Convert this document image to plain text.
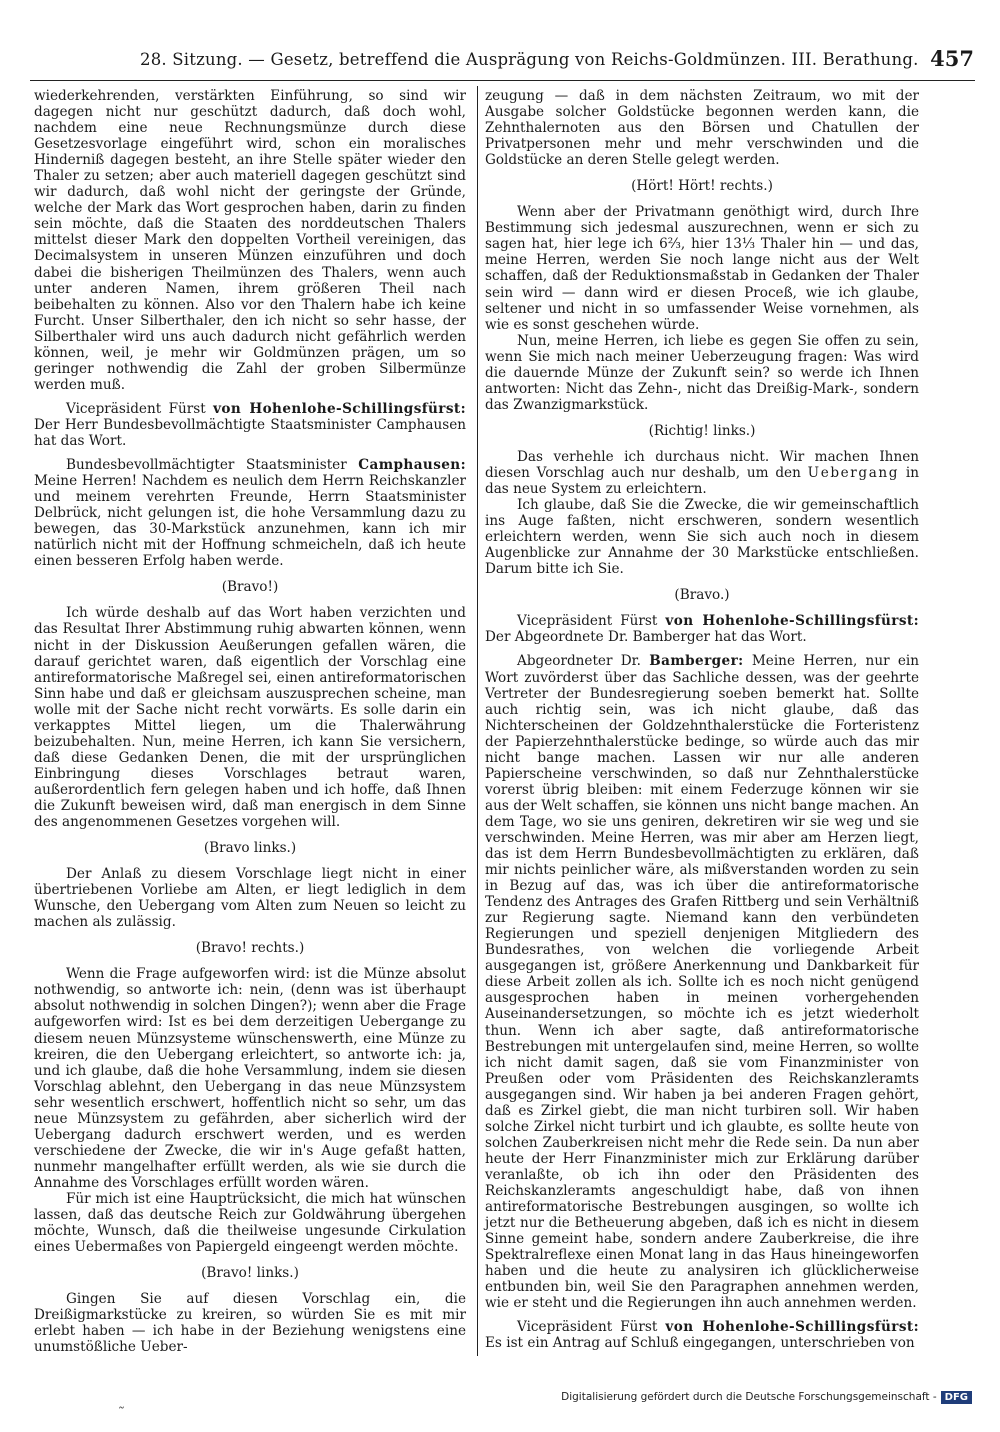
28. Sitzung. — Gesetz, betreffend die Ausprägung von Reichs-Goldmünzen. III. Berathung. 457

wiederkehrenden, verstärkten Einführung, so sind wir dagegen nicht nur geschützt dadurch, daß doch wohl, nachdem eine neue Rechnungsmünze durch diese Gesetzesvorlage eingeführt wird, schon ein moralisches Hinderniß dagegen besteht, an ihre Stelle später wieder den Thaler zu setzen; aber auch materiell dagegen geschützt sind wir dadurch, daß wohl nicht der geringste der Gründe, welche der Mark das Wort gesprochen haben, darin zu finden sein möchte, daß die Staaten des norddeutschen Thalers mittelst dieser Mark den doppelten Vortheil vereinigen, das Decimalsystem in unseren Münzen einzuführen und doch dabei die bisherigen Theilmünzen des Thalers, wenn auch unter anderen Namen, ihrem größeren Theil nach beibehalten zu können. Also vor den Thalern habe ich keine Furcht. Unser Silberthaler, den ich nicht so sehr hasse, der Silberthaler wird uns auch dadurch nicht gefährlich werden können, weil, je mehr wir Goldmünzen prägen, um so geringer nothwendig die Zahl der groben Silbermünze werden muß.

Vicepräsident Fürst von Hohenlohe-Schillingsfürst: Der Herr Bundesbevollmächtigte Staatsminister Camphausen hat das Wort.

Bundesbevollmächtigter Staatsminister Camphausen: Meine Herren! Nachdem es neulich dem Herrn Reichskanzler und meinem verehrten Freunde, Herrn Staatsminister Delbrück, nicht gelungen ist, die hohe Versammlung dazu zu bewegen, das 30-Markstück anzunehmen, kann ich mir natürlich nicht mit der Hoffnung schmeicheln, daß ich heute einen besseren Erfolg haben werde.

(Bravo!)

Ich würde deshalb auf das Wort haben verzichten und das Resultat Ihrer Abstimmung ruhig abwarten können, wenn nicht in der Diskussion Aeußerungen gefallen wären, die darauf gerichtet waren, daß eigentlich der Vorschlag eine antireformatorische Maßregel sei, einen antireformatorischen Sinn habe und daß er gleichsam auszusprechen scheine, man wolle mit der Sache nicht recht vorwärts. Es solle darin ein verkapptes Mittel liegen, um die Thalerwährung beizubehalten. Nun, meine Herren, ich kann Sie versichern, daß diese Gedanken Denen, die mit der ursprünglichen Einbringung dieses Vorschlages betraut waren, außerordentlich fern gelegen haben und ich hoffe, daß Ihnen die Zukunft beweisen wird, daß man energisch in dem Sinne des angenommenen Gesetzes vorgehen will.

(Bravo links.)

Der Anlaß zu diesem Vorschlage liegt nicht in einer übertriebenen Vorliebe am Alten, er liegt lediglich in dem Wunsche, den Uebergang vom Alten zum Neuen so leicht zu machen als zulässig.

(Bravo! rechts.)

Wenn die Frage aufgeworfen wird: ist die Münze absolut nothwendig, so antworte ich: nein, (denn was ist überhaupt absolut nothwendig in solchen Dingen?); wenn aber die Frage aufgeworfen wird: Ist es bei dem derzeitigen Uebergange zu diesem neuen Münzsysteme wünschenswerth, eine Münze zu kreiren, die den Uebergang erleichtert, so antworte ich: ja, und ich glaube, daß die hohe Versammlung, indem sie diesen Vorschlag ablehnt, den Uebergang in das neue Münzsystem sehr wesentlich erschwert, hoffentlich nicht so sehr, um das neue Münzsystem zu gefährden, aber sicherlich wird der Uebergang dadurch erschwert werden, und es werden verschiedene der Zwecke, die wir in's Auge gefaßt hatten, nunmehr mangelhafter erfüllt werden, als wie sie durch die Annahme des Vorschlages erfüllt worden wären.

Für mich ist eine Hauptrücksicht, die mich hat wünschen lassen, daß das deutsche Reich zur Goldwährung übergehen möchte, Wunsch, daß die theilweise ungesunde Cirkulation eines Uebermaßes von Papiergeld eingeengt werden möchte.

(Bravo! links.)

Gingen Sie auf diesen Vorschlag ein, die Dreißigmarkstücke zu kreiren, so würden Sie es mit mir erlebt haben — ich habe in der Beziehung wenigstens eine unumstößliche Ueber-

zeugung — daß in dem nächsten Zeitraum, wo mit der Ausgabe solcher Goldstücke begonnen werden kann, die Zehnthalernoten aus den Börsen und Chatullen der Privatpersonen mehr und mehr verschwinden und die Goldstücke an deren Stelle gelegt werden.

(Hört! Hört! rechts.)

Wenn aber der Privatmann genöthigt wird, durch Ihre Bestimmung sich jedesmal auszurechnen, wenn er sich zu sagen hat, hier lege ich 6⅔, hier 13⅓ Thaler hin — und das, meine Herren, werden Sie noch lange nicht aus der Welt schaffen, daß der Reduktionsmaßstab in Gedanken der Thaler sein wird — dann wird er diesen Proceß, wie ich glaube, seltener und nicht in so umfassender Weise vornehmen, als wie es sonst geschehen würde.

Nun, meine Herren, ich liebe es gegen Sie offen zu sein, wenn Sie mich nach meiner Ueberzeugung fragen: Was wird die dauernde Münze der Zukunft sein? so werde ich Ihnen antworten: Nicht das Zehn-, nicht das Dreißig-Mark-, sondern das Zwanzigmarkstück.

(Richtig! links.)

Das verhehle ich durchaus nicht. Wir machen Ihnen diesen Vorschlag auch nur deshalb, um den Uebergang in das neue System zu erleichtern.

Ich glaube, daß Sie die Zwecke, die wir gemeinschaftlich ins Auge faßten, nicht erschweren, sondern wesentlich erleichtern werden, wenn Sie sich auch noch in diesem Augenblicke zur Annahme der 30 Markstücke entschließen. Darum bitte ich Sie.

(Bravo.)

Vicepräsident Fürst von Hohenlohe-Schillingsfürst: Der Abgeordnete Dr. Bamberger hat das Wort.

Abgeordneter Dr. Bamberger: Meine Herren, nur ein Wort zuvörderst über das Sachliche dessen, was der geehrte Vertreter der Bundesregierung soeben bemerkt hat. Sollte auch richtig sein, was ich nicht glaube, daß das Nichterscheinen der Goldzehnthalerstücke die Forteristenz der Papierzehnthalerstücke bedinge, so würde auch das mir nicht bange machen. Lassen wir nur alle anderen Papierscheine verschwinden, so daß nur Zehnthalerstücke vorerst übrig bleiben: mit einem Federzuge können wir sie aus der Welt schaffen, sie können uns nicht bange machen. An dem Tage, wo sie uns geniren, dekretiren wir sie weg und sie verschwinden. Meine Herren, was mir aber am Herzen liegt, das ist dem Herrn Bundesbevollmächtigten zu erklären, daß mir nichts peinlicher wäre, als mißverstanden worden zu sein in Bezug auf das, was ich über die antireformatorische Tendenz des Antrages des Grafen Rittberg und sein Verhältniß zur Regierung sagte. Niemand kann den verbündeten Regierungen und speziell denjenigen Mitgliedern des Bundesrathes, von welchen die vorliegende Arbeit ausgegangen ist, größere Anerkennung und Dankbarkeit für diese Arbeit zollen als ich. Sollte ich es noch nicht genügend ausgesprochen haben in meinen vorhergehenden Auseinandersetzungen, so möchte ich es jetzt wiederholt thun. Wenn ich aber sagte, daß antireformatorische Bestrebungen mit untergelaufen sind, meine Herren, so wollte ich nicht damit sagen, daß sie vom Finanzminister von Preußen oder vom Präsidenten des Reichskanzleramts ausgegangen sind. Wir haben ja bei anderen Fragen gehört, daß es Zirkel giebt, die man nicht turbiren soll. Wir haben solche Zirkel nicht turbirt und ich glaubte, es sollte heute von solchen Zauberkreisen nicht mehr die Rede sein. Da nun aber heute der Herr Finanzminister mich zur Erklärung darüber veranlaßte, ob ich ihn oder den Präsidenten des Reichskanzleramts angeschuldigt habe, daß von ihnen antireformatorische Bestrebungen ausgingen, so wollte ich jetzt nur die Betheuerung abgeben, daß ich es nicht in diesem Sinne gemeint habe, sondern andere Zauberkreise, die ihre Spektralreflexe einen Monat lang in das Haus hineingeworfen haben und die heute zu analysiren ich glücklicherweise entbunden bin, weil Sie den Paragraphen annehmen werden, wie er steht und die Regierungen ihn auch annehmen werden.

Vicepräsident Fürst von Hohenlohe-Schillingsfürst: Es ist ein Antrag auf Schluß eingegangen, unterschrieben von

˷	Digitalisierung gefördert durch die Deutsche Forschungsgemeinschaft - DFG
